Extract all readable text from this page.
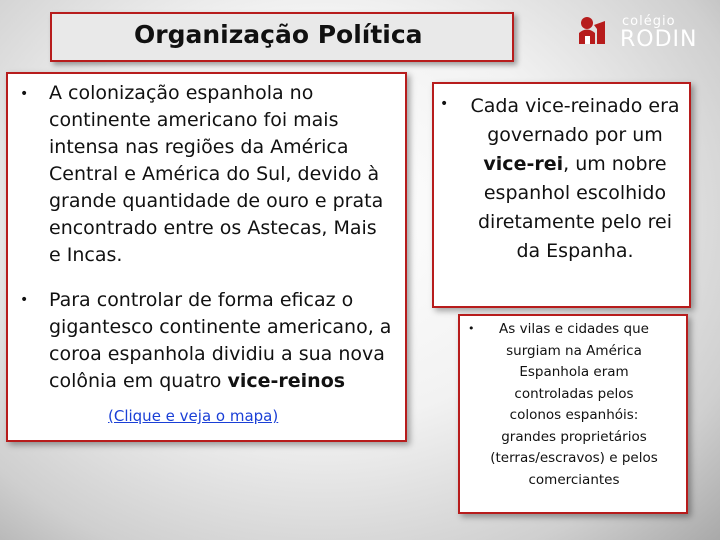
Organização Política	colégio
RODIN
• A colonização espanhola no continente americano foi mais intensa nas regiões da América Central e América do Sul, devido à grande quantidade de ouro e prata encontrado entre os Astecas, Mais e Incas.
• Para controlar de forma eficaz o gigantesco continente americano, a coroa espanhola dividiu a sua nova colônia em quatro vice-reinos
(Clique e veja o mapa)
• Cada vice-reinado era governado por um vice-rei, um nobre espanhol escolhido diretamente pelo rei da Espanha.
•	As vilas e cidades que surgiam na América Espanhola eram controladas pelos colonos espanhóis: grandes proprietários (terras/escravos) e pelos comerciantes
